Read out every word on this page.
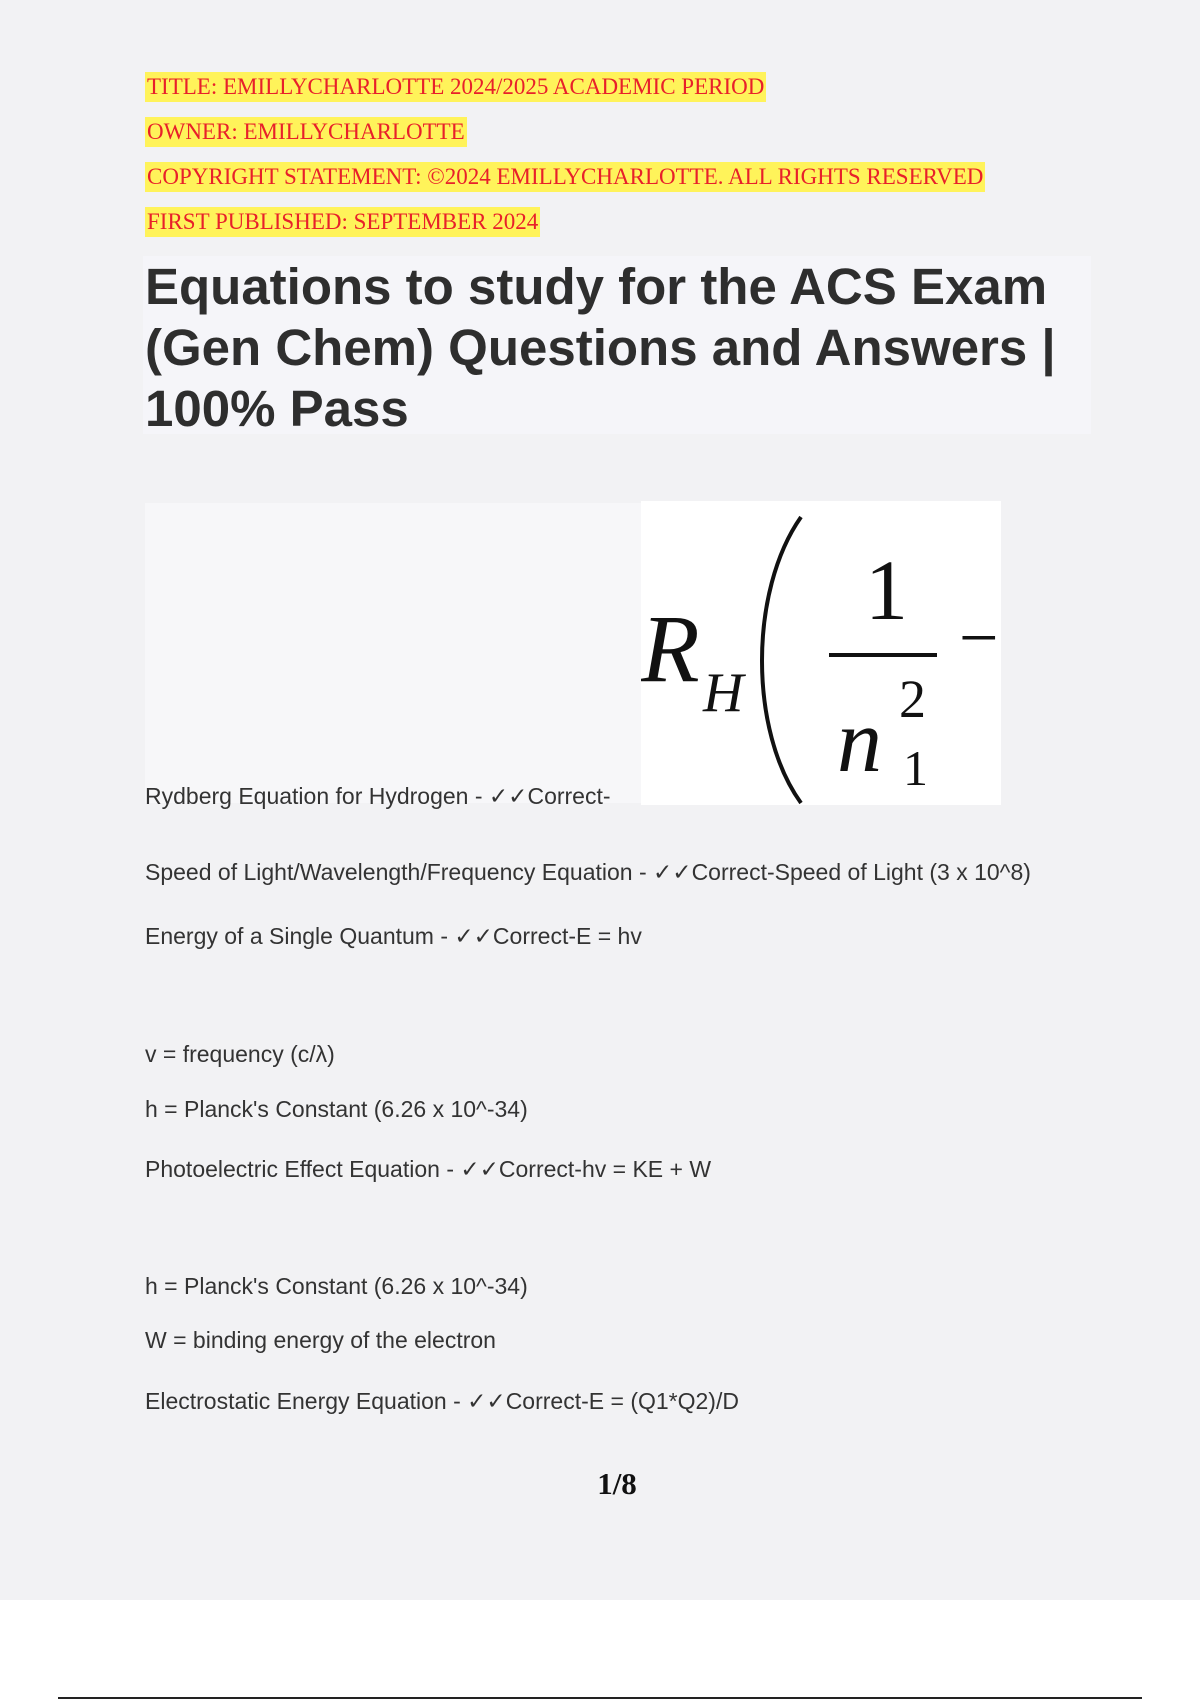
TITLE: EMILLYCHARLOTTE 2024/2025 ACADEMIC PERIOD
OWNER: EMILLYCHARLOTTE
COPYRIGHT STATEMENT: ©2024 EMILLYCHARLOTTE. ALL RIGHTS RESERVED
FIRST PUBLISHED: SEPTEMBER 2024
Equations to study for the ACS Exam
(Gen Chem) Questions and Answers |
100% Pass
Rydberg Equation for Hydrogen - ✓✓Correct-
R H
1
n 2
1
−
Speed of Light/Wavelength/Frequency Equation - ✓✓Correct-Speed of Light (3 x 10^8)
Energy of a Single Quantum - ✓✓Correct-E = hv
v = frequency (c/λ)
h = Planck's Constant (6.26 x 10^-34)
Photoelectric Effect Equation - ✓✓Correct-hv = KE + W
h = Planck's Constant (6.26 x 10^-34)
W = binding energy of the electron
Electrostatic Energy Equation - ✓✓Correct-E = (Q1*Q2)/D
1/8
